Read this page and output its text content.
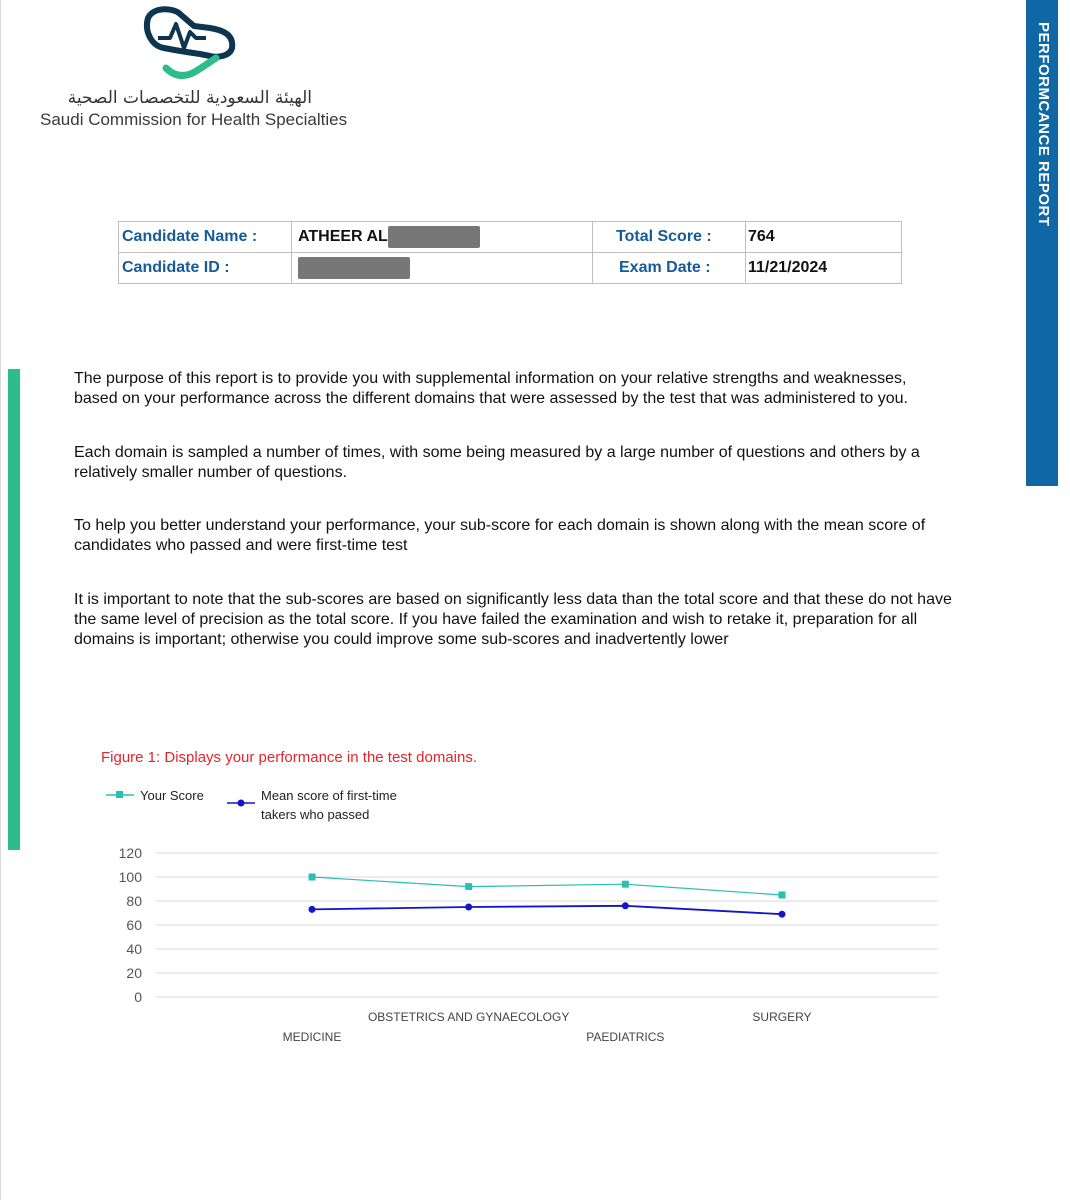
PERFORMCANCE REPORT
الهيئة السعودية للتخصصات الصحية
Saudi Commission for Health Specialties
Candidate Name :	ATHEER AL	Total Score :	764
Candidate ID :		Exam Date :	11/21/2024

The purpose of this report is to provide you with supplemental information on your relative strengths and weaknesses, based on your performance across the different domains that were assessed by the test that was administered to you.

Each domain is sampled a number of times, with some being measured by a large number of questions and others by a relatively smaller number of questions.

To help you better understand your performance, your sub-score for each domain is shown along with the mean score of candidates who passed and were first-time test

It is important to note that the sub-scores are based on significantly less data than the total score and that these do not have the same level of precision as the total score. If you have failed the examination and wish to retake it, preparation for all domains is important; otherwise you could improve some sub-scores and inadvertently lower

Figure 1: Displays your performance in the test domains.
Your Score	Mean score of first-time
takers who passed
120
100
80
60
40
20
0
MEDICINE
OBSTETRICS AND GYNAECOLOGY
PAEDIATRICS
SURGERY
